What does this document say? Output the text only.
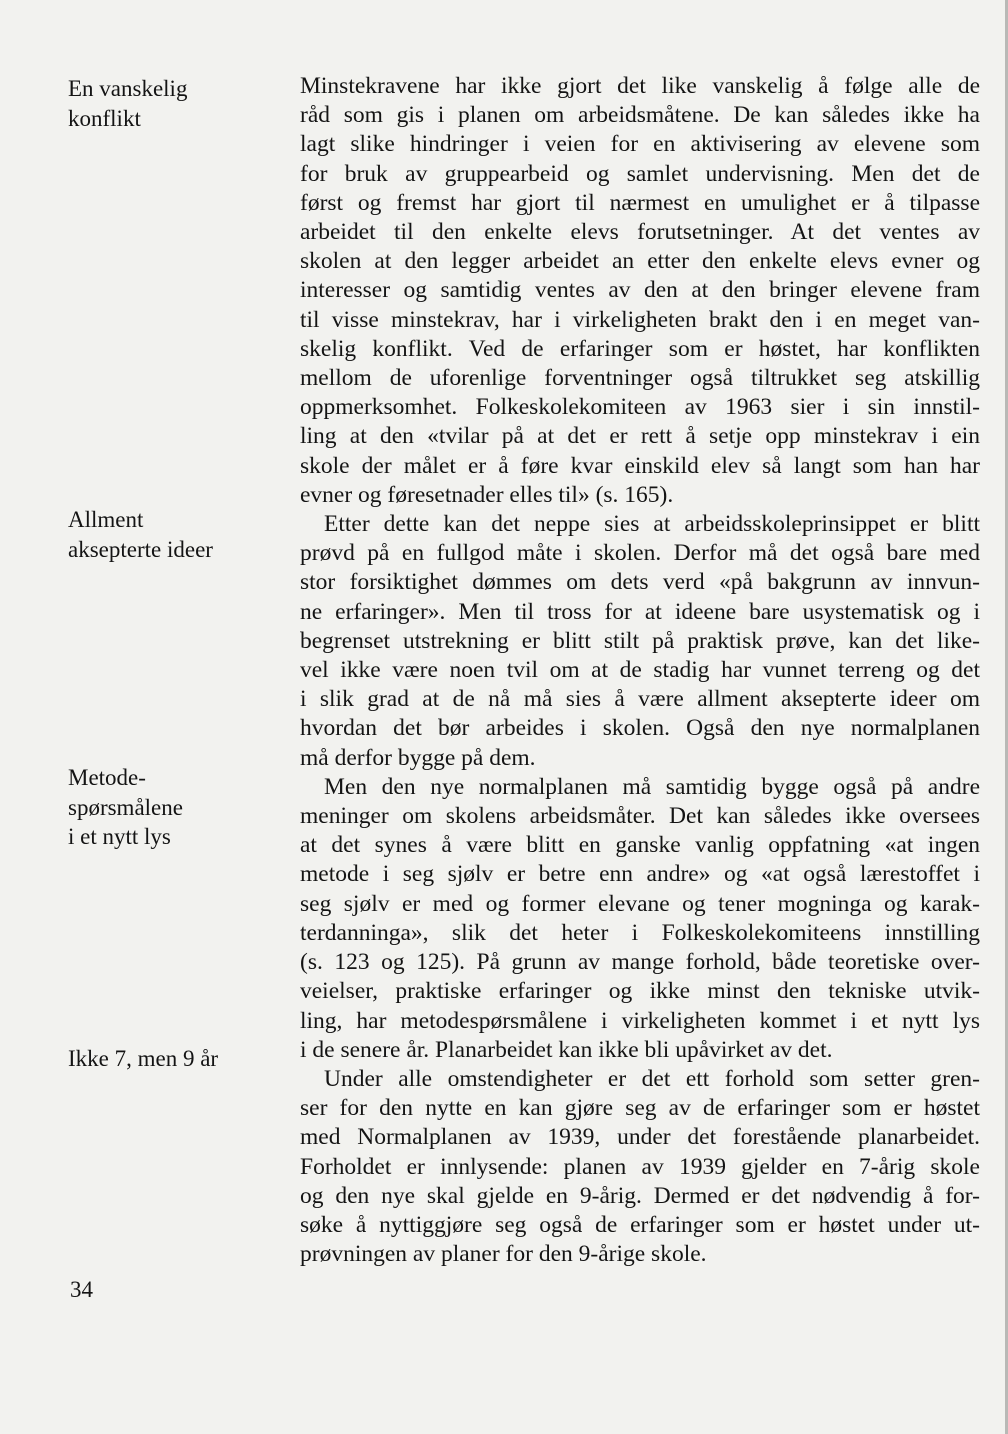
En vanskelig
konflikt
Allment
aksepterte ideer
Metode-
spørsmålene
i et nytt lys
Ikke 7, men 9 år
Minstekravene har ikke gjort det like vanskelig å følge alle de
råd som gis i planen om arbeidsmåtene. De kan således ikke ha
lagt slike hindringer i veien for en aktivisering av elevene som
for bruk av gruppearbeid og samlet undervisning. Men det de
først og fremst har gjort til nærmest en umulighet er å tilpasse
arbeidet til den enkelte elevs forutsetninger. At det ventes av
skolen at den legger arbeidet an etter den enkelte elevs evner og
interesser og samtidig ventes av den at den bringer elevene fram
til visse minstekrav, har i virkeligheten brakt den i en meget van-
skelig konflikt. Ved de erfaringer som er høstet, har konflikten
mellom de uforenlige forventninger også tiltrukket seg atskillig
oppmerksomhet. Folkeskolekomiteen av 1963 sier i sin innstil-
ling at den «tvilar på at det er rett å setje opp minstekrav i ein
skole der målet er å føre kvar einskild elev så langt som han har
evner og føresetnader elles til» (s. 165).
Etter dette kan det neppe sies at arbeidsskoleprinsippet er blitt
prøvd på en fullgod måte i skolen. Derfor må det også bare med
stor forsiktighet dømmes om dets verd «på bakgrunn av innvun-
ne erfaringer». Men til tross for at ideene bare usystematisk og i
begrenset utstrekning er blitt stilt på praktisk prøve, kan det like-
vel ikke være noen tvil om at de stadig har vunnet terreng og det
i slik grad at de nå må sies å være allment aksepterte ideer om
hvordan det bør arbeides i skolen. Også den nye normalplanen
må derfor bygge på dem.
Men den nye normalplanen må samtidig bygge også på andre
meninger om skolens arbeidsmåter. Det kan således ikke oversees
at det synes å være blitt en ganske vanlig oppfatning «at ingen
metode i seg sjølv er betre enn andre» og «at også lærestoffet i
seg sjølv er med og former elevane og tener mogninga og karak-
terdanninga», slik det heter i Folkeskolekomiteens innstilling
(s. 123 og 125). På grunn av mange forhold, både teoretiske over-
veielser, praktiske erfaringer og ikke minst den tekniske utvik-
ling, har metodespørsmålene i virkeligheten kommet i et nytt lys
i de senere år. Planarbeidet kan ikke bli upåvirket av det.
Under alle omstendigheter er det ett forhold som setter gren-
ser for den nytte en kan gjøre seg av de erfaringer som er høstet
med Normalplanen av 1939, under det forestående planarbeidet.
Forholdet er innlysende: planen av 1939 gjelder en 7-årig skole
og den nye skal gjelde en 9-årig. Dermed er det nødvendig å for-
søke å nyttiggjøre seg også de erfaringer som er høstet under ut-
prøvningen av planer for den 9-årige skole.

34
